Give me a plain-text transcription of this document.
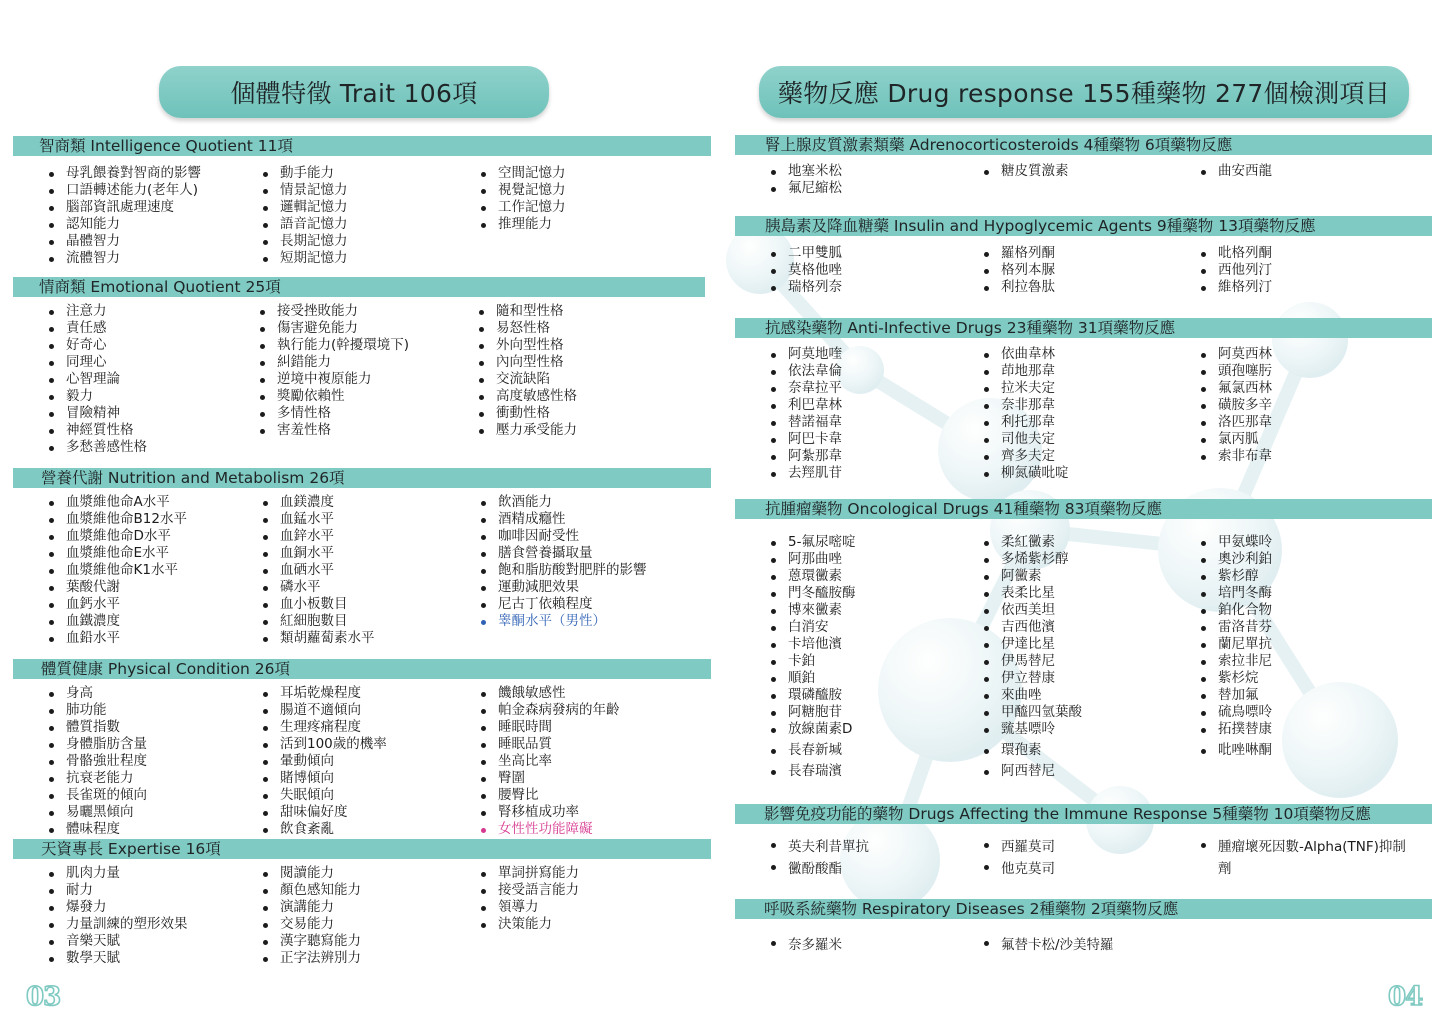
個體特徵 Trait 106項
智商類 Intelligence Quotient 11項
母乳餵養對智商的影響
口語轉述能力(老年人)
腦部資訊處理速度
認知能力
晶體智力
流體智力
動手能力
情景記憶力
邏輯記憶力
語音記憶力
長期記憶力
短期記憶力
空間記憶力
視覺記憶力
工作記憶力
推理能力
情商類 Emotional Quotient 25項
注意力
責任感
好奇心
同理心
心智理論
毅力
冒險精神
神經質性格
多愁善感性格
接受挫敗能力
傷害避免能力
執行能力(幹擾環境下)
糾錯能力
逆境中複原能力
獎勵依賴性
多情性格
害羞性格
隨和型性格
易怒性格
外向型性格
內向型性格
交流缺陷
高度敏感性格
衝動性格
壓力承受能力
營養代謝 Nutrition and Metabolism 26項
血漿維他命A水平
血漿維他命B12水平
血漿維他命D水平
血漿維他命E水平
血漿維他命K1水平
葉酸代謝
血鈣水平
血鐵濃度
血鉛水平
血鎂濃度
血錳水平
血鋅水平
血銅水平
血硒水平
磷水平
血小板數目
紅細胞數目
類胡蘿蔔素水平
飲酒能力
酒精成癮性
咖啡因耐受性
膳食營養攝取量
飽和脂肪酸對肥胖的影響
運動減肥效果
尼古丁依賴程度
睾酮水平（男性）
體質健康 Physical Condition 26項
身高
肺功能
體質指數
身體脂肪含量
骨骼強壯程度
抗衰老能力
長雀斑的傾向
易曬黑傾向
體味程度
耳垢乾燥程度
腸道不適傾向
生理疼痛程度
活到100歲的機率
暈動傾向
賭博傾向
失眠傾向
甜味偏好度
飲食紊亂
饑餓敏感性
帕金森病發病的年齡
睡眠時間
睡眠品質
坐高比率
臀圍
腰臀比
腎移植成功率
女性性功能障礙
天資專長 Expertise 16項
肌肉力量
耐力
爆發力
力量訓練的塑形效果
音樂天賦
數學天賦
閱讀能力
顏色感知能力
演講能力
交易能力
漢字聽寫能力
正字法辨別力
單詞拼寫能力
接受語言能力
領導力
決策能力
03
藥物反應 Drug response 155種藥物 277個檢測項目
腎上腺皮質激素類藥 Adrenocorticosteroids 4種藥物 6項藥物反應
地塞米松
氟尼縮松
糖皮質激素	曲安西龍
胰島素及降血糖藥 Insulin and Hypoglycemic Agents 9種藥物 13項藥物反應
二甲雙胍
莫格他唑
瑞格列奈
羅格列酮
格列本脲
利拉魯肽
吡格列酮
西他列汀
維格列汀
抗感染藥物 Anti-Infective Drugs 23種藥物 31項藥物反應
阿莫地喹
依法韋倫
奈韋拉平
利巴韋林
替諾福韋
阿巴卡韋
阿紮那韋
去羥肌苷
依曲韋林
茚地那韋
拉米夫定
奈非那韋
利托那韋
司他夫定
齊多夫定
柳氮磺吡啶
阿莫西林
頭孢噻肟
氟氯西林
磺胺多辛
洛匹那韋
氯丙胍
索非布韋
抗腫瘤藥物 Oncological Drugs 41種藥物 83項藥物反應
5-氟尿嘧啶
阿那曲唑
蒽環黴素
門冬醯胺酶
博來黴素
白消安
卡培他濱
卡鉑
順鉑
環磷醯胺
阿糖胞苷
放線菌素D
長春新堿
長春瑞濱
柔紅黴素
多烯紫杉醇
阿黴素
表柔比星
依西美坦
吉西他濱
伊達比星
伊馬替尼
伊立替康
來曲唑
甲醯四氫葉酸
巰基嘌呤
環孢素
阿西替尼
甲氨蝶呤
奧沙利鉑
紫杉醇
培門冬酶
鉑化合物
雷洛昔芬
蘭尼單抗
索拉非尼
紫杉烷
替加氟
硫鳥嘌呤
拓撲替康
吡唑啉酮
影響免疫功能的藥物 Drugs Affecting the Immune Response 5種藥物 10項藥物反應
英夫利昔單抗
黴酚酸酯
西羅莫司
他克莫司
腫瘤壞死因數-Alpha(TNF)抑制劑
呼吸系統藥物 Respiratory Diseases 2種藥物 2項藥物反應
奈多羅米	氟替卡松/沙美特羅
04
